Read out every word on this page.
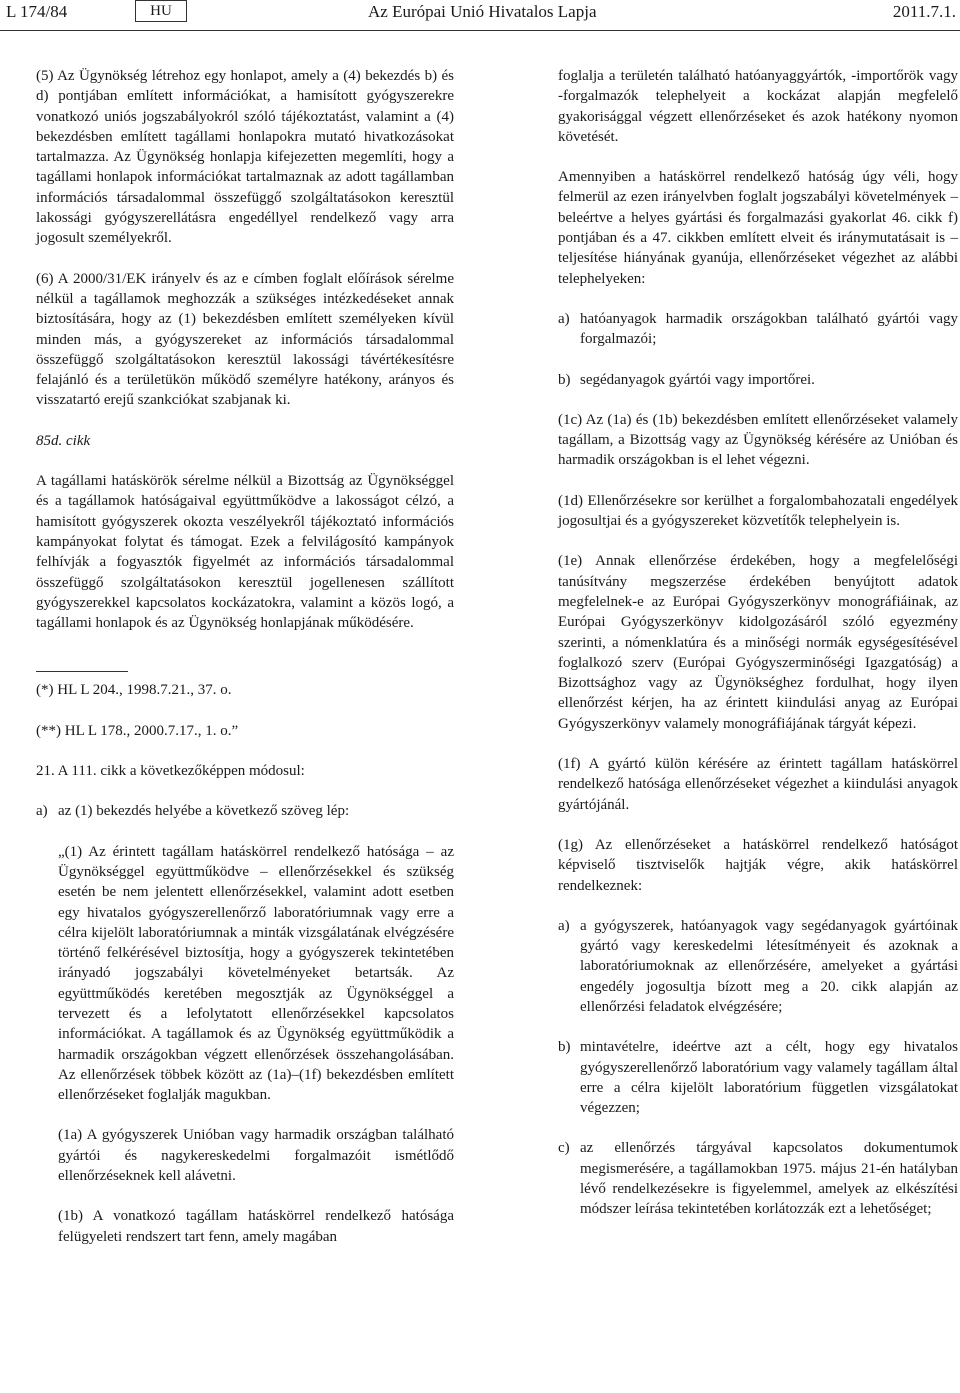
L 174/84	HU	Az Európai Unió Hivatalos Lapja	2011.7.1.

(5) Az Ügynökség létrehoz egy honlapot, amely a (4) bekezdés b) és d) pontjában említett információkat, a hamisított gyógyszerekre vonatkozó uniós jogszabályokról szóló tájékoztatást, valamint a (4) bekezdésben említett tagállami honlapokra mutató hivatkozásokat tartalmazza. Az Ügynökség honlapja kifejezetten megemlíti, hogy a tagállami honlapok információkat tartalmaznak az adott tagállamban információs társadalommal összefüggő szolgáltatásokon keresztül lakossági gyógyszerellátásra engedéllyel rendelkező vagy arra jogosult személyekről.

(6) A 2000/31/EK irányelv és az e címben foglalt előírások sérelme nélkül a tagállamok meghozzák a szükséges intézkedéseket annak biztosítására, hogy az (1) bekezdésben említett személyeken kívül minden más, a gyógyszereket az információs társadalommal összefüggő szolgáltatásokon keresztül lakossági távértékesítésre felajánló és a területükön működő személyre hatékony, arányos és visszatartó erejű szankciókat szabjanak ki.

85d. cikk

A tagállami hatáskörök sérelme nélkül a Bizottság az Ügynökséggel és a tagállamok hatóságaival együttműködve a lakosságot célzó, a hamisított gyógyszerek okozta veszélyekről tájékoztató információs kampányokat folytat és támogat. Ezek a felvilágosító kampányok felhívják a fogyasztók figyelmét az információs társadalommal összefüggő szolgáltatásokon keresztül jogellenesen szállított gyógyszerekkel kapcsolatos kockázatokra, valamint a közös logó, a tagállami honlapok és az Ügynökség honlapjának működésére.

(*) HL L 204., 1998.7.21., 37. o.

(**) HL L 178., 2000.7.17., 1. o.”

21. A 111. cikk a következőképpen módosul:

a) az (1) bekezdés helyébe a következő szöveg lép:

„(1) Az érintett tagállam hatáskörrel rendelkező hatósága – az Ügynökséggel együttműködve – ellenőrzésekkel és szükség esetén be nem jelentett ellenőrzésekkel, valamint adott esetben egy hivatalos gyógyszerellenőrző laboratóriumnak vagy erre a célra kijelölt laboratóriumnak a minták vizsgálatának elvégzésére történő felkérésével biztosítja, hogy a gyógyszerek tekintetében irányadó jogszabályi követelményeket betartsák. Az együttműködés keretében megosztják az Ügynökséggel a tervezett és a lefolytatott ellenőrzésekkel kapcsolatos információkat. A tagállamok és az Ügynökség együttműködik a harmadik országokban végzett ellenőrzések összehangolásában. Az ellenőrzések többek között az (1a)–(1f) bekezdésben említett ellenőrzéseket foglalják magukban.

(1a) A gyógyszerek Unióban vagy harmadik országban található gyártói és nagykereskedelmi forgalmazóit ismétlődő ellenőrzéseknek kell alávetni.

(1b) A vonatkozó tagállam hatáskörrel rendelkező hatósága felügyeleti rendszert tart fenn, amely magában

foglalja a területén található hatóanyaggyártók, -importőrök vagy -forgalmazók telephelyeit a kockázat alapján megfelelő gyakorisággal végzett ellenőrzéseket és azok hatékony nyomon követését.

Amennyiben a hatáskörrel rendelkező hatóság úgy véli, hogy felmerül az ezen irányelvben foglalt jogszabályi követelmények – beleértve a helyes gyártási és forgalmazási gyakorlat 46. cikk f) pontjában és a 47. cikkben említett elveit és iránymutatásait is – teljesítése hiányának gyanúja, ellenőrzéseket végezhet az alábbi telephelyeken:

a) hatóanyagok harmadik országokban található gyártói vagy forgalmazói;
b) segédanyagok gyártói vagy importőrei.

(1c) Az (1a) és (1b) bekezdésben említett ellenőrzéseket valamely tagállam, a Bizottság vagy az Ügynökség kérésére az Unióban és harmadik országokban is el lehet végezni.

(1d) Ellenőrzésekre sor kerülhet a forgalombahozatali engedélyek jogosultjai és a gyógyszereket közvetítők telephelyein is.

(1e) Annak ellenőrzése érdekében, hogy a megfelelőségi tanúsítvány megszerzése érdekében benyújtott adatok megfelelnek-e az Európai Gyógyszerkönyv monográfiáinak, az Európai Gyógyszerkönyv kidolgozásáról szóló egyezmény szerinti, a nómenklatúra és a minőségi normák egységesítésével foglalkozó szerv (Európai Gyógyszerminőségi Igazgatóság) a Bizottsághoz vagy az Ügynökséghez fordulhat, hogy ilyen ellenőrzést kérjen, ha az érintett kiindulási anyag az Európai Gyógyszerkönyv valamely monográfiájának tárgyát képezi.

(1f) A gyártó külön kérésére az érintett tagállam hatáskörrel rendelkező hatósága ellenőrzéseket végezhet a kiindulási anyagok gyártójánál.

(1g) Az ellenőrzéseket a hatáskörrel rendelkező hatóságot képviselő tisztviselők hajtják végre, akik hatáskörrel rendelkeznek:

a) a gyógyszerek, hatóanyagok vagy segédanyagok gyártóinak gyártó vagy kereskedelmi létesítményeit és azoknak a laboratóriumoknak az ellenőrzésére, amelyeket a gyártási engedély jogosultja bízott meg a 20. cikk alapján az ellenőrzési feladatok elvégzésére;
b) mintavételre, ideértve azt a célt, hogy egy hivatalos gyógyszerellenőrző laboratórium vagy valamely tagállam által erre a célra kijelölt laboratórium független vizsgálatokat végezzen;
c) az ellenőrzés tárgyával kapcsolatos dokumentumok megismerésére, a tagállamokban 1975. május 21-én hatályban lévő rendelkezésekre is figyelemmel, amelyek az elkészítési módszer leírása tekintetében korlátozzák ezt a lehetőséget;
